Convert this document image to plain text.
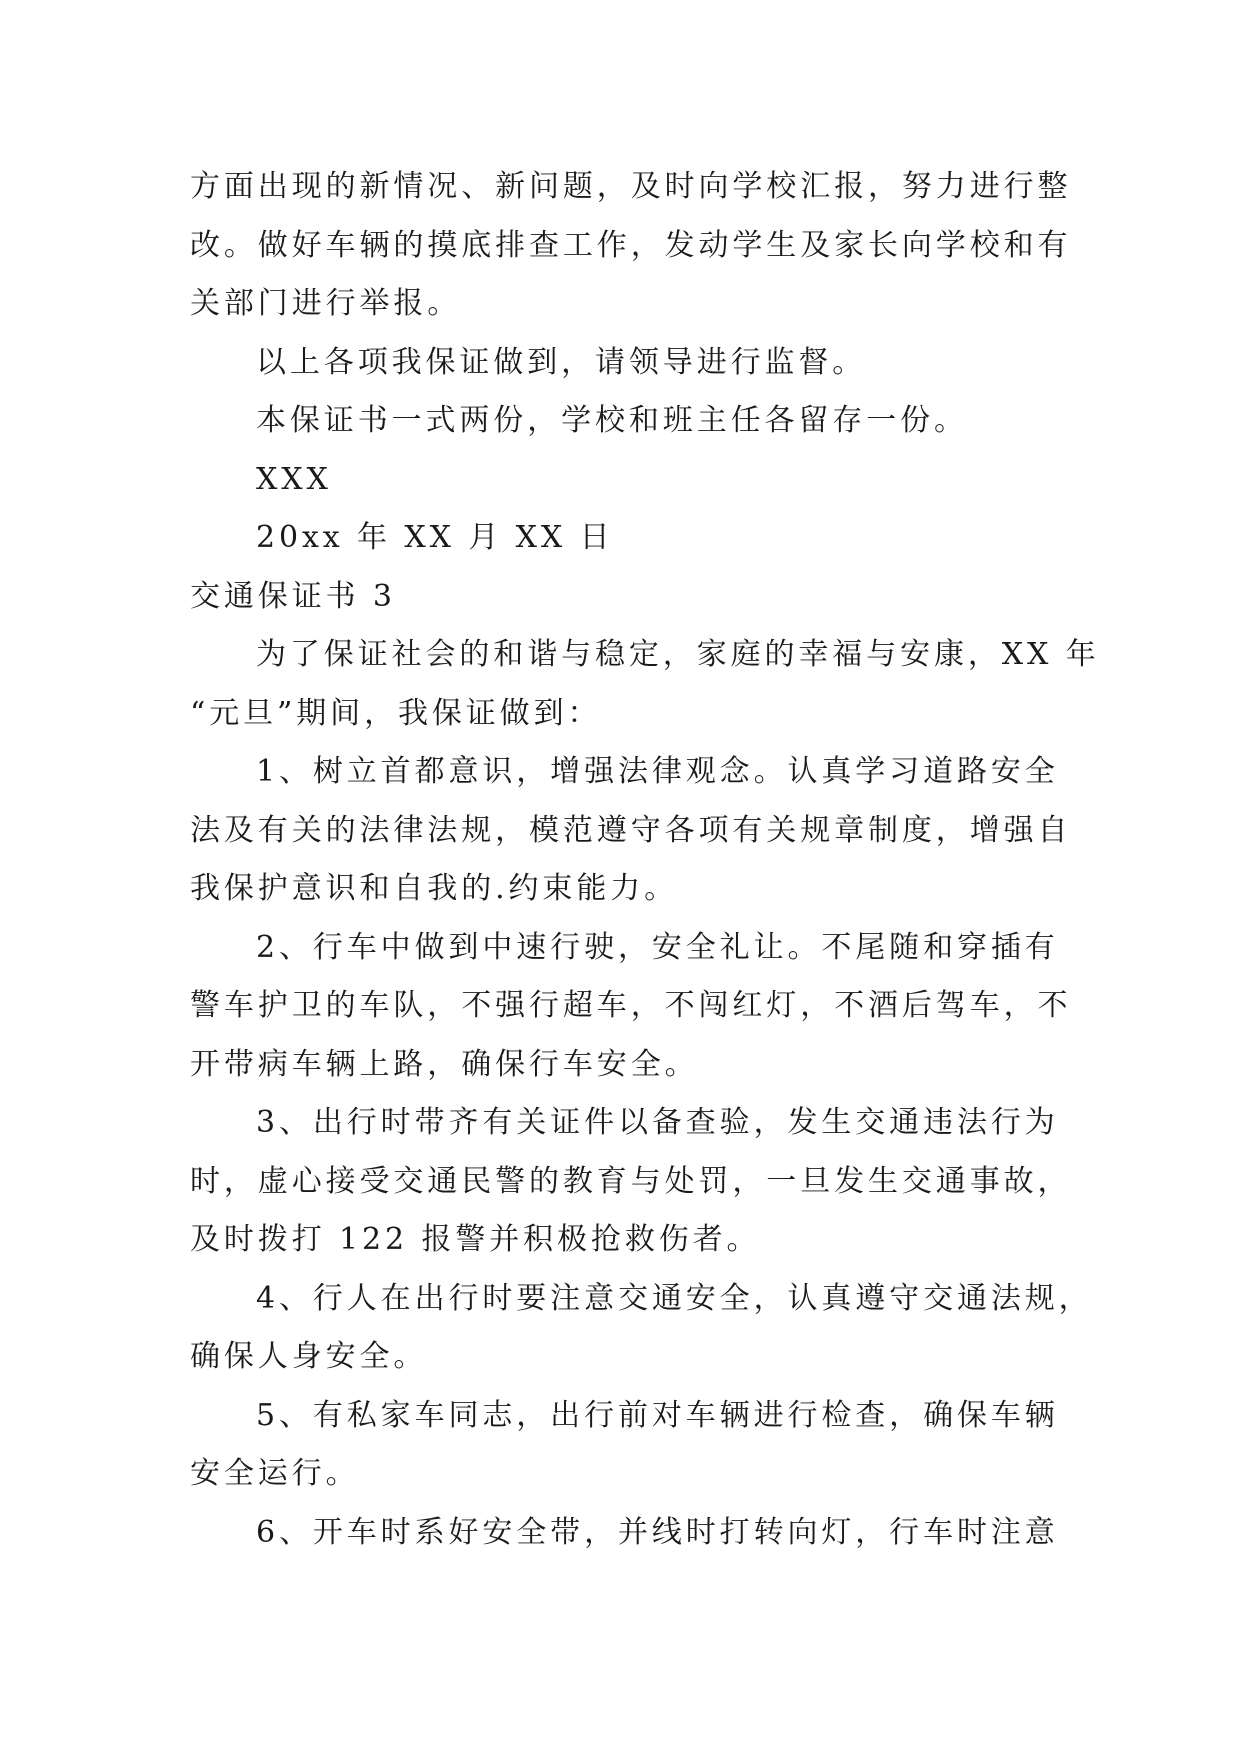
方面出现的新情况、新问题，及时向学校汇报，努力进行整
改。做好车辆的摸底排查工作，发动学生及家长向学校和有
关部门进行举报。
以上各项我保证做到，请领导进行监督。
本保证书一式两份，学校和班主任各留存一份。
XXX
20xx 年 XX 月 XX 日
交通保证书 3
为了保证社会的和谐与稳定，家庭的幸福与安康，XX 年
“元旦”期间，我保证做到：
1、树立首都意识，增强法律观念。认真学习道路安全
法及有关的法律法规，模范遵守各项有关规章制度，增强自
我保护意识和自我的.约束能力。
2、行车中做到中速行驶，安全礼让。不尾随和穿插有
警车护卫的车队，不强行超车，不闯红灯，不酒后驾车，不
开带病车辆上路，确保行车安全。
3、出行时带齐有关证件以备查验，发生交通违法行为
时，虚心接受交通民警的教育与处罚，一旦发生交通事故，
及时拨打 122 报警并积极抢救伤者。
4、行人在出行时要注意交通安全，认真遵守交通法规，
确保人身安全。
5、有私家车同志，出行前对车辆进行检查，确保车辆
安全运行。
6、开车时系好安全带，并线时打转向灯，行车时注意
